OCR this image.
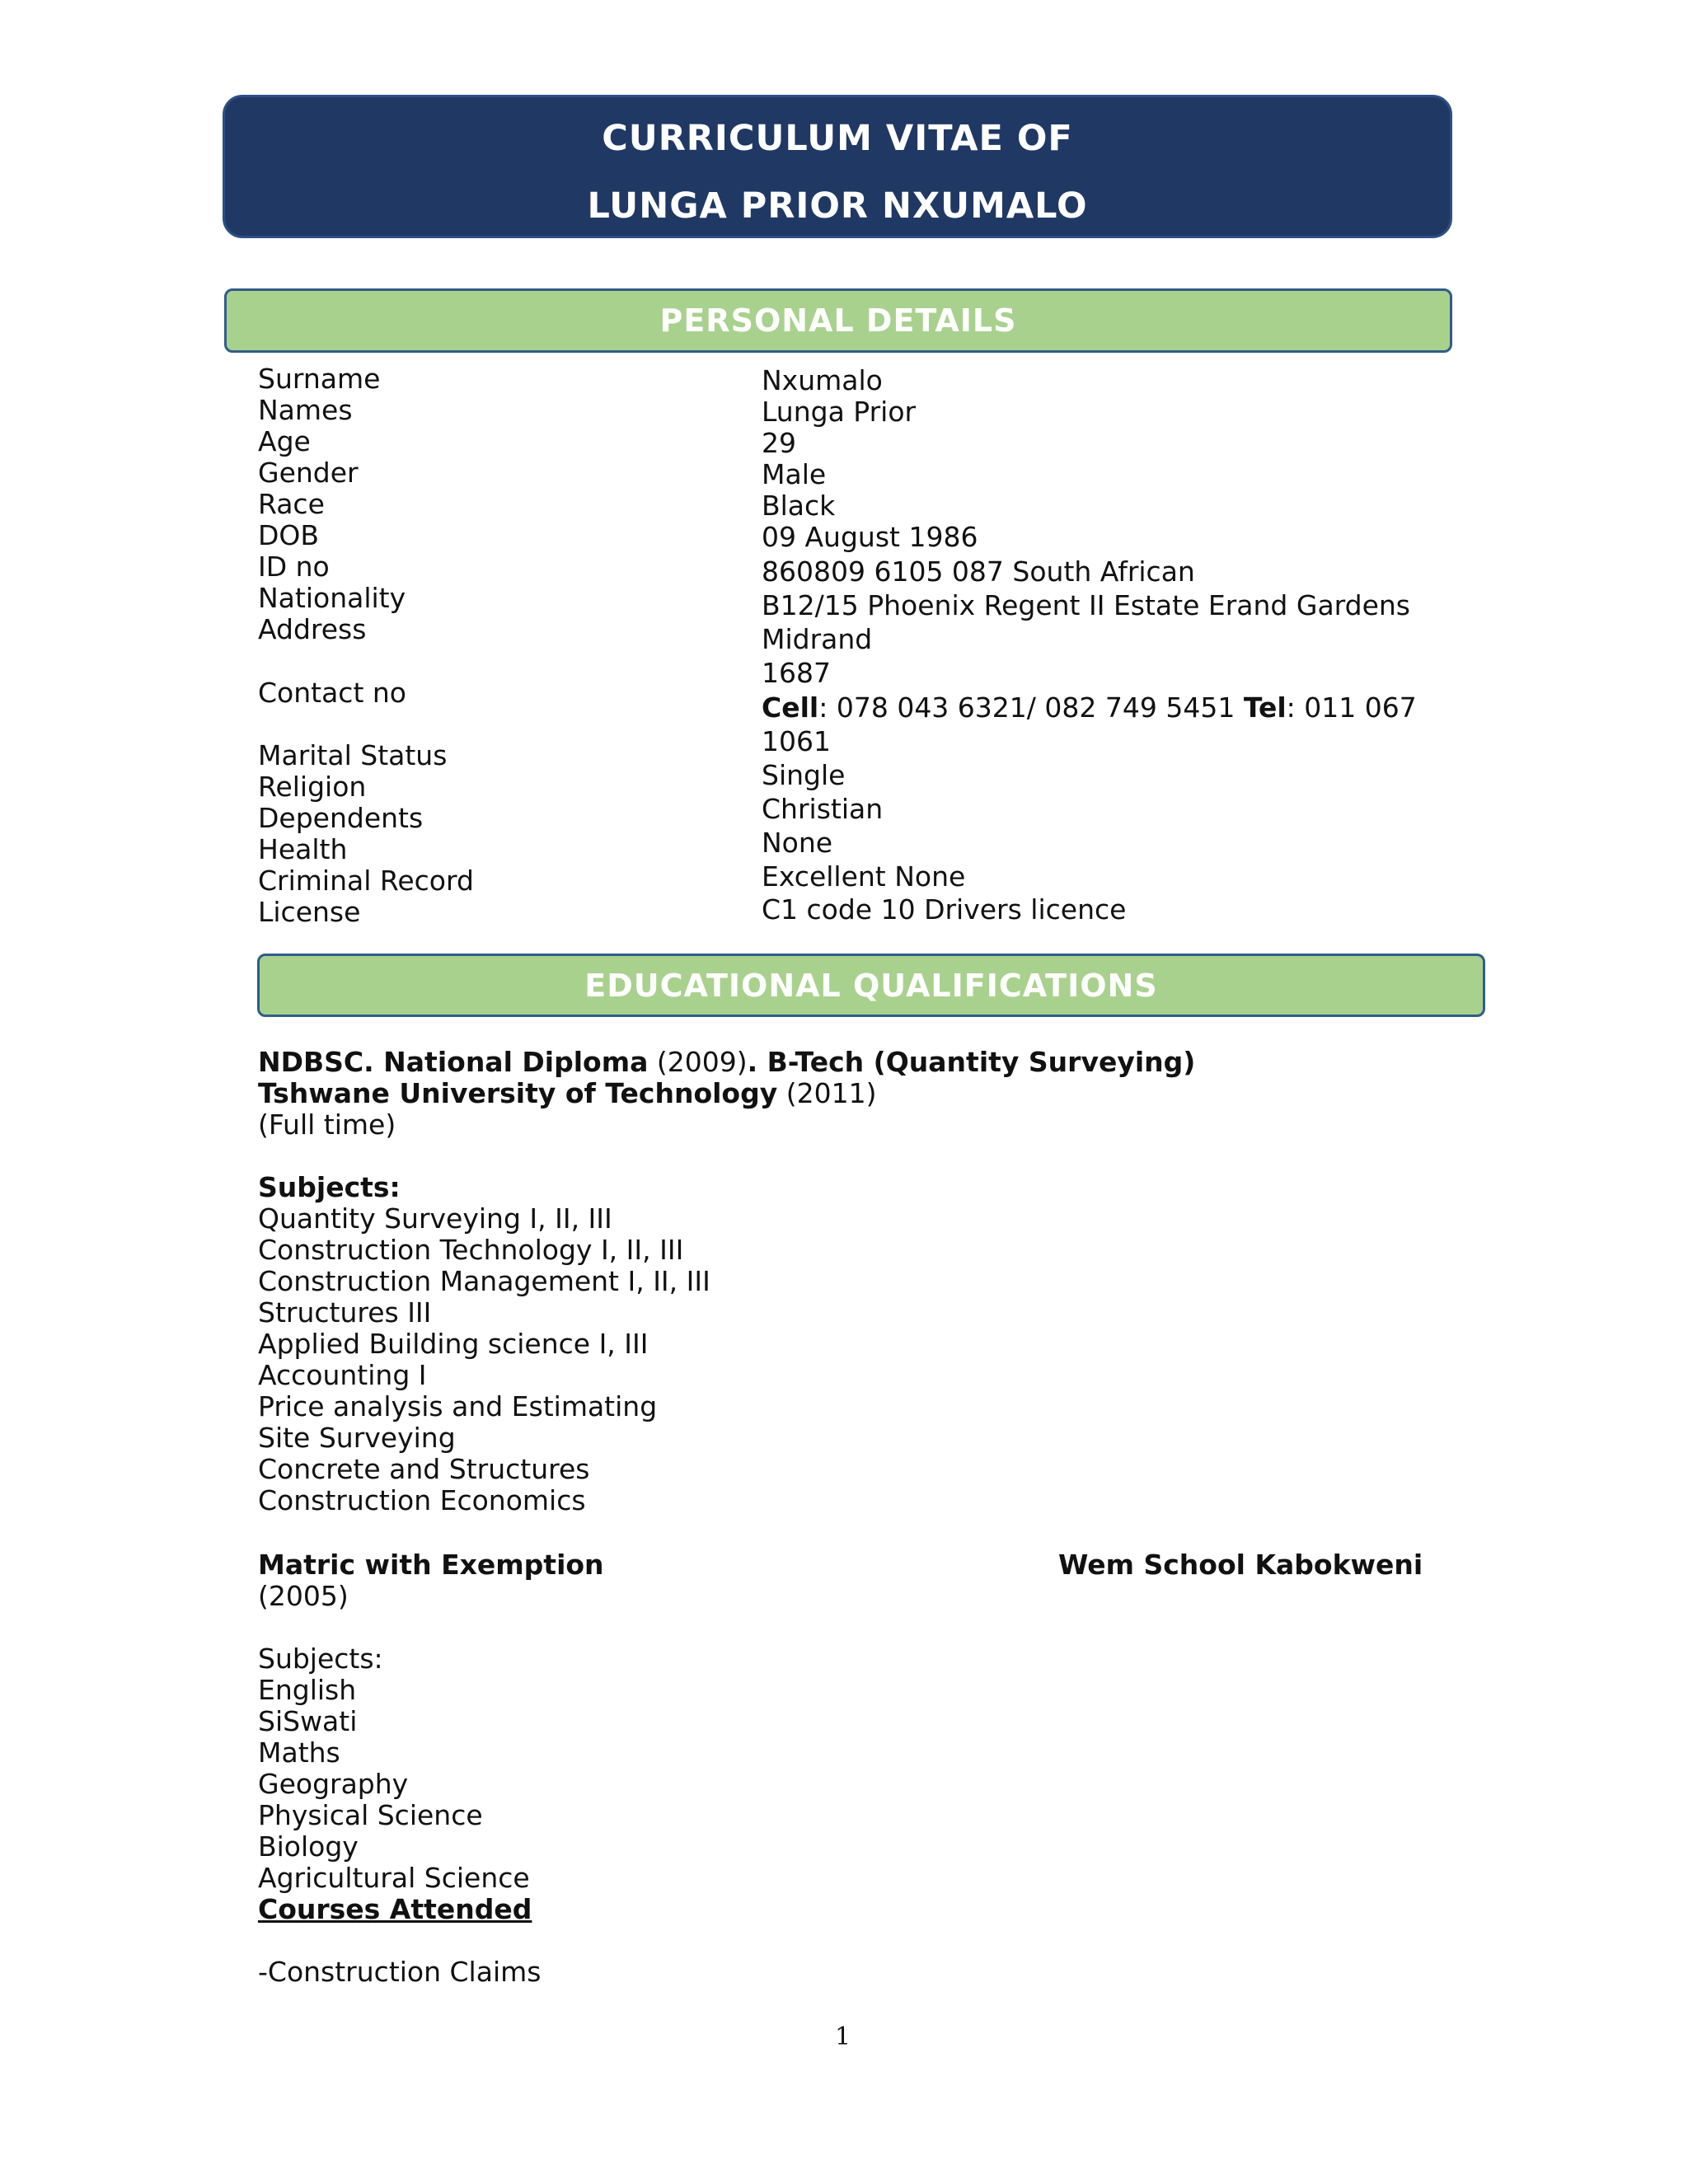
CURRICULUM VITAE OF
LUNGA PRIOR NXUMALO
PERSONAL DETAILS
Surname
Names
Age
Gender
Race
DOB
ID no
Nationality
Address
Contact no
Marital Status
Religion
Dependents
Health
Criminal Record
License
Nxumalo
Lunga Prior
29
Male
Black
09 August 1986
860809 6105 087 South African
B12/15 Phoenix Regent II Estate Erand Gardens
Midrand
1687
Cell: 078 043 6321/ 082 749 5451 Tel: 011 067
1061
Single
Christian
None
Excellent None
C1 code 10 Drivers licence
EDUCATIONAL QUALIFICATIONS
NDBSC. National Diploma (2009). B-Tech (Quantity Surveying)
Tshwane University of Technology (2011)
(Full time)
Subjects:
Quantity Surveying I, II, III
Construction Technology I, II, III
Construction Management I, II, III
Structures III
Applied Building science I, III
Accounting I
Price analysis and Estimating
Site Surveying
Concrete and Structures
Construction Economics
Matric with Exemption	Wem School Kabokweni
(2005)
Subjects:
English
SiSwati
Maths
Geography
Physical Science
Biology
Agricultural Science
Courses Attended
-Construction Claims
1
